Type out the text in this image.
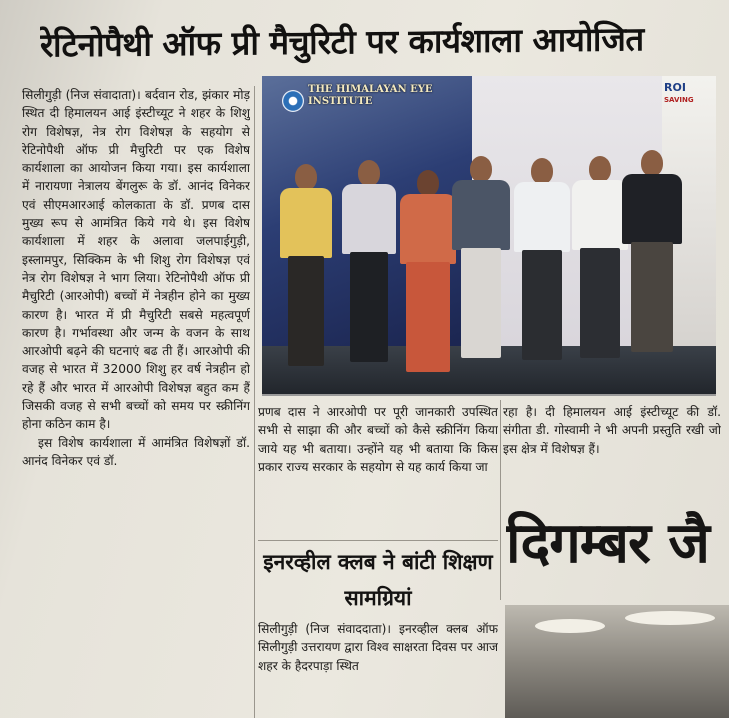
रेटिनोपैथी ऑफ प्री मैचुरिटी पर कार्यशाला आयोजित

सिलीगुड़ी (निज संवादाता)। बर्दवान रोड, झंकार मोड़ स्थित दी हिमालयन आई इंस्टीच्यूट ने शहर के शिशु रोग विशेषज्ञ, नेत्र रोग विशेषज्ञ के सहयोग से रेटिनोपैथी ऑफ प्री मैचुरिटी पर एक विशेष कार्यशाला का आयोजन किया गया। इस कार्यशाला में नारायणा नेत्रालय बेंगलुरू के डॉ. आनंद विनेकर एवं सीएमआरआई कोलकाता के डॉ. प्रणब दास मुख्य रूप से आमंत्रित किये गये थे। इस विशेष कार्यशाला में शहर के अलावा जलपाईगुड़ी, इस्लामपुर, सिक्किम के भी शिशु रोग विशेषज्ञ एवं नेत्र रोग विशेषज्ञ ने भाग लिया। रेटिनोपैथी ऑफ प्री मैचुरिटी (आरओपी) बच्चों में नेत्रहीन होने का मुख्य कारण है। भारत में प्री मैचुरिटी सबसे महत्वपूर्ण कारण है। गर्भावस्था और जन्म के वजन के साथ आरओपी बढ़ने की घटनाएं बढ ती हैं। आरओपी की वजह से भारत में 32000 शिशु हर वर्ष नेत्रहीन हो रहे हैं और भारत में आरओपी विशेषज्ञ बहुत कम हैं जिसकी वजह से सभी बच्चों को समय पर स्क्रीनिंग होना कठिन काम है।

इस विशेष कार्यशाला में आमंत्रित विशेषज्ञों डॉ. आनंद विनेकर एवं डॉ.

THE HIMALAYAN EYE INSTITUTE
ROI
SAVING
प्रणब दास ने आरओपी पर पूरी जानकारी उपस्थित सभी से साझा की और बच्चों को कैसे स्क्रीनिंग किया जाये यह भी बताया। उन्होंने यह भी बताया कि किस प्रकार राज्य सरकार के सहयोग से यह कार्य किया जा
रहा है। दी हिमालयन आई इंस्टीच्यूट की डॉ. संगीता डी. गोस्वामी ने भी अपनी प्रस्तुति रखी जो इस क्षेत्र में विशेषज्ञ हैं।
इनरव्हील क्लब ने बांटी शिक्षण सामग्रियां

सिलीगुड़ी (निज संवाददाता)। इनरव्हील क्लब ऑफ सिलीगुड़ी उत्तरायण द्वारा विश्व साक्षरता दिवस पर आज शहर के हैदरपाड़ा स्थित

दिगम्बर जै
